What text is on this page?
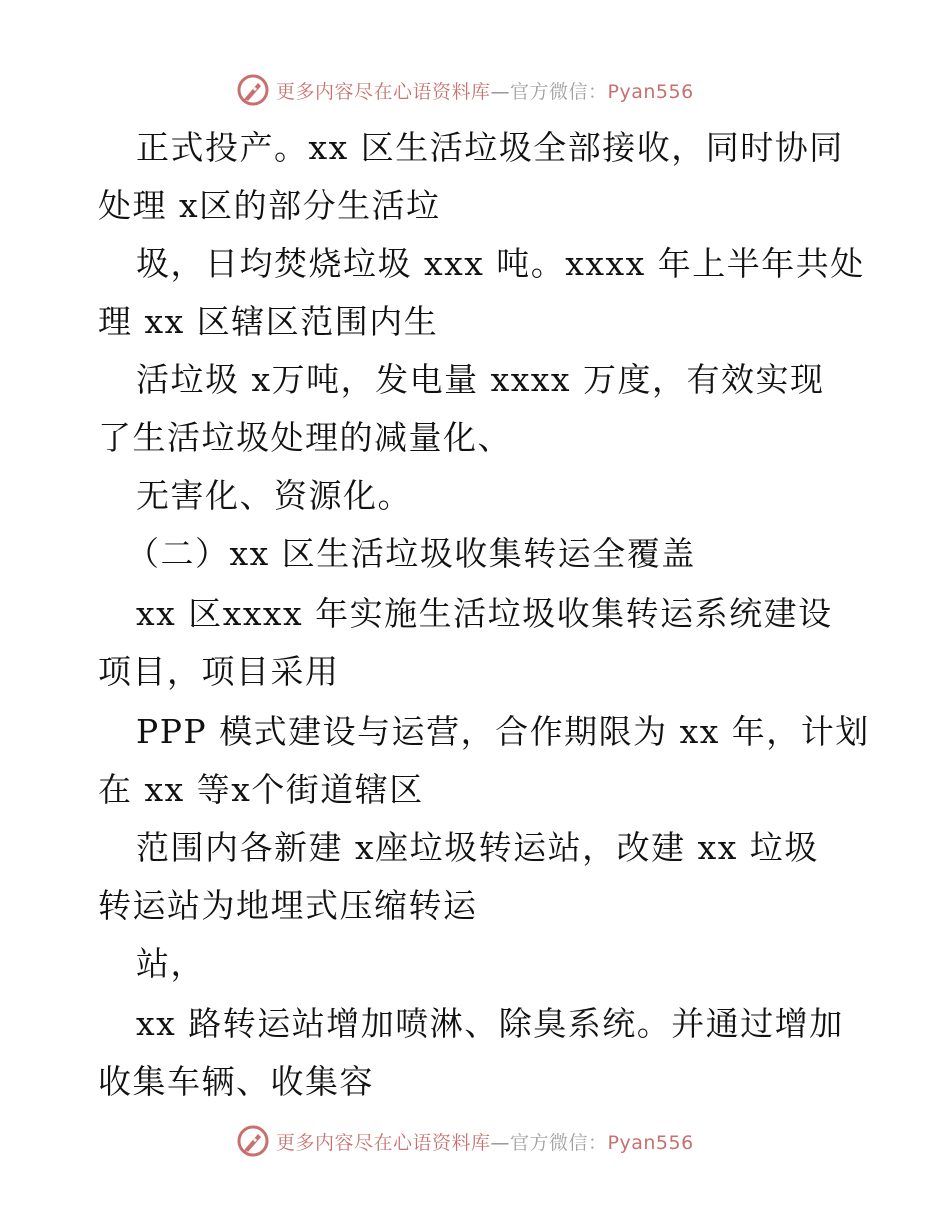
更多内容尽在心语资料库—官方微信：Pyan556
正式投产。xx 区生活垃圾全部接收，同时协同
处理 x区的部分生活垃
圾，日均焚烧垃圾 xxx 吨。xxxx 年上半年共处
理 xx 区辖区范围内生
活垃圾 x万吨，发电量 xxxx 万度，有效实现
了生活垃圾处理的减量化、
无害化、资源化。
（二）xx 区生活垃圾收集转运全覆盖
xx 区xxxx 年实施生活垃圾收集转运系统建设
项目，项目采用
PPP 模式建设与运营，合作期限为 xx 年，计划
在 xx 等x个街道辖区
范围内各新建 x座垃圾转运站，改建 xx 垃圾
转运站为地埋式压缩转运
站，
xx 路转运站增加喷淋、除臭系统。并通过增加
收集车辆、收集容
更多内容尽在心语资料库—官方微信：Pyan556
